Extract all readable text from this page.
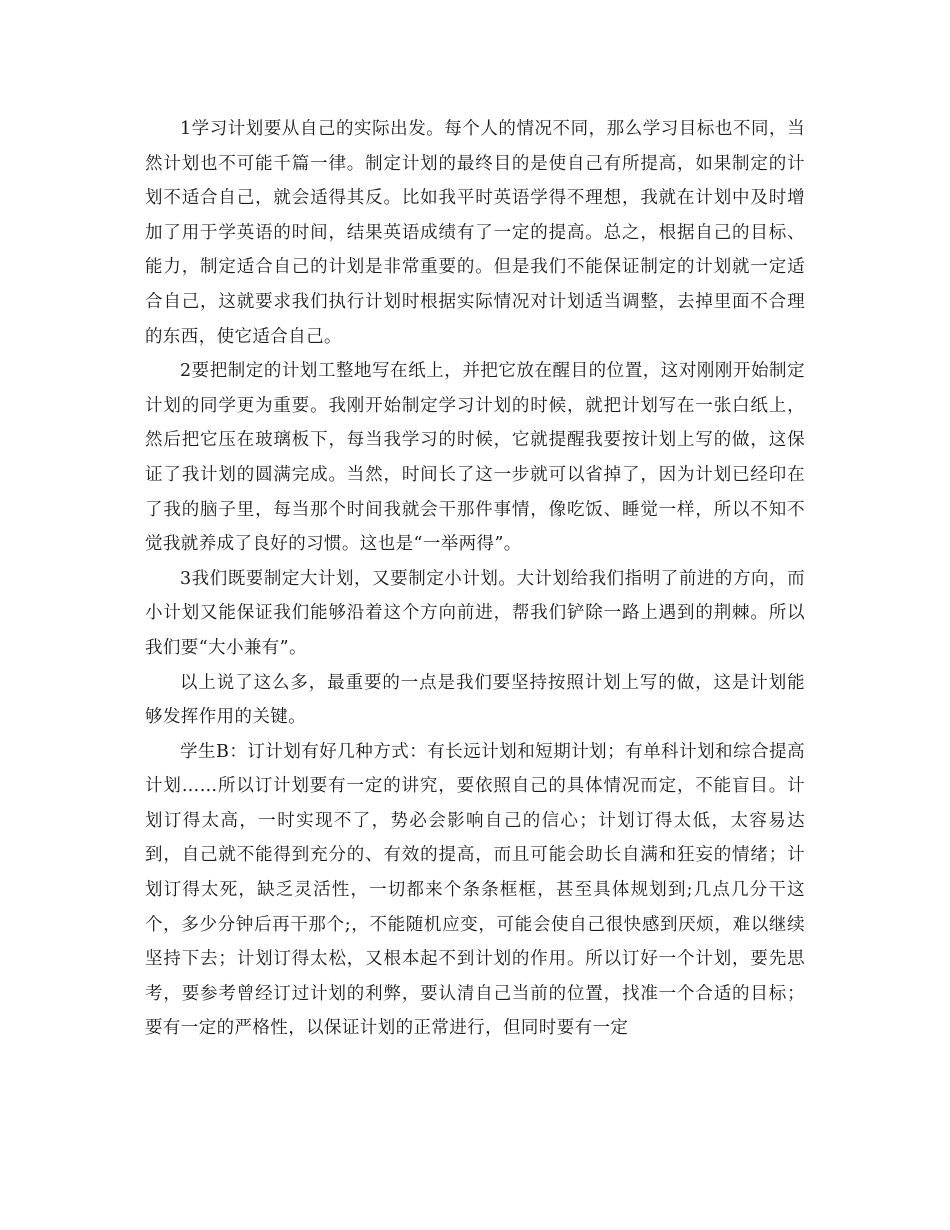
1学习计划要从自己的实际出发。每个人的情况不同，那么学习目标也不同，当然计划也不可能千篇一律。制定计划的最终目的是使自己有所提高，如果制定的计划不适合自己，就会适得其反。比如我平时英语学得不理想，我就在计划中及时增加了用于学英语的时间，结果英语成绩有了一定的提高。总之，根据自己的目标、能力，制定适合自己的计划是非常重要的。但是我们不能保证制定的计划就一定适合自己，这就要求我们执行计划时根据实际情况对计划适当调整，去掉里面不合理的东西，使它适合自己。

2要把制定的计划工整地写在纸上，并把它放在醒目的位置，这对刚刚开始制定计划的同学更为重要。我刚开始制定学习计划的时候，就把计划写在一张白纸上，然后把它压在玻璃板下，每当我学习的时候，它就提醒我要按计划上写的做，这保证了我计划的圆满完成。当然，时间长了这一步就可以省掉了，因为计划已经印在了我的脑子里，每当那个时间我就会干那件事情，像吃饭、睡觉一样，所以不知不觉我就养成了良好的习惯。这也是“一举两得”。

3我们既要制定大计划，又要制定小计划。大计划给我们指明了前进的方向，而小计划又能保证我们能够沿着这个方向前进，帮我们铲除一路上遇到的荆棘。所以我们要“大小兼有”。

以上说了这么多，最重要的一点是我们要坚持按照计划上写的做，这是计划能够发挥作用的关键。

学生B：订计划有好几种方式：有长远计划和短期计划；有单科计划和综合提高计划……所以订计划要有一定的讲究，要依照自己的具体情况而定，不能盲目。计划订得太高，一时实现不了，势必会影响自己的信心；计划订得太低，太容易达到，自己就不能得到充分的、有效的提高，而且可能会助长自满和狂妄的情绪；计划订得太死，缺乏灵活性，一切都来个条条框框，甚至具体规划到;几点几分干这个，多少分钟后再干那个;，不能随机应变，可能会使自己很快感到厌烦，难以继续坚持下去；计划订得太松，又根本起不到计划的作用。所以订好一个计划，要先思考，要参考曾经订过计划的利弊，要认清自己当前的位置，找准一个合适的目标；要有一定的严格性，以保证计划的正常进行，但同时要有一定
